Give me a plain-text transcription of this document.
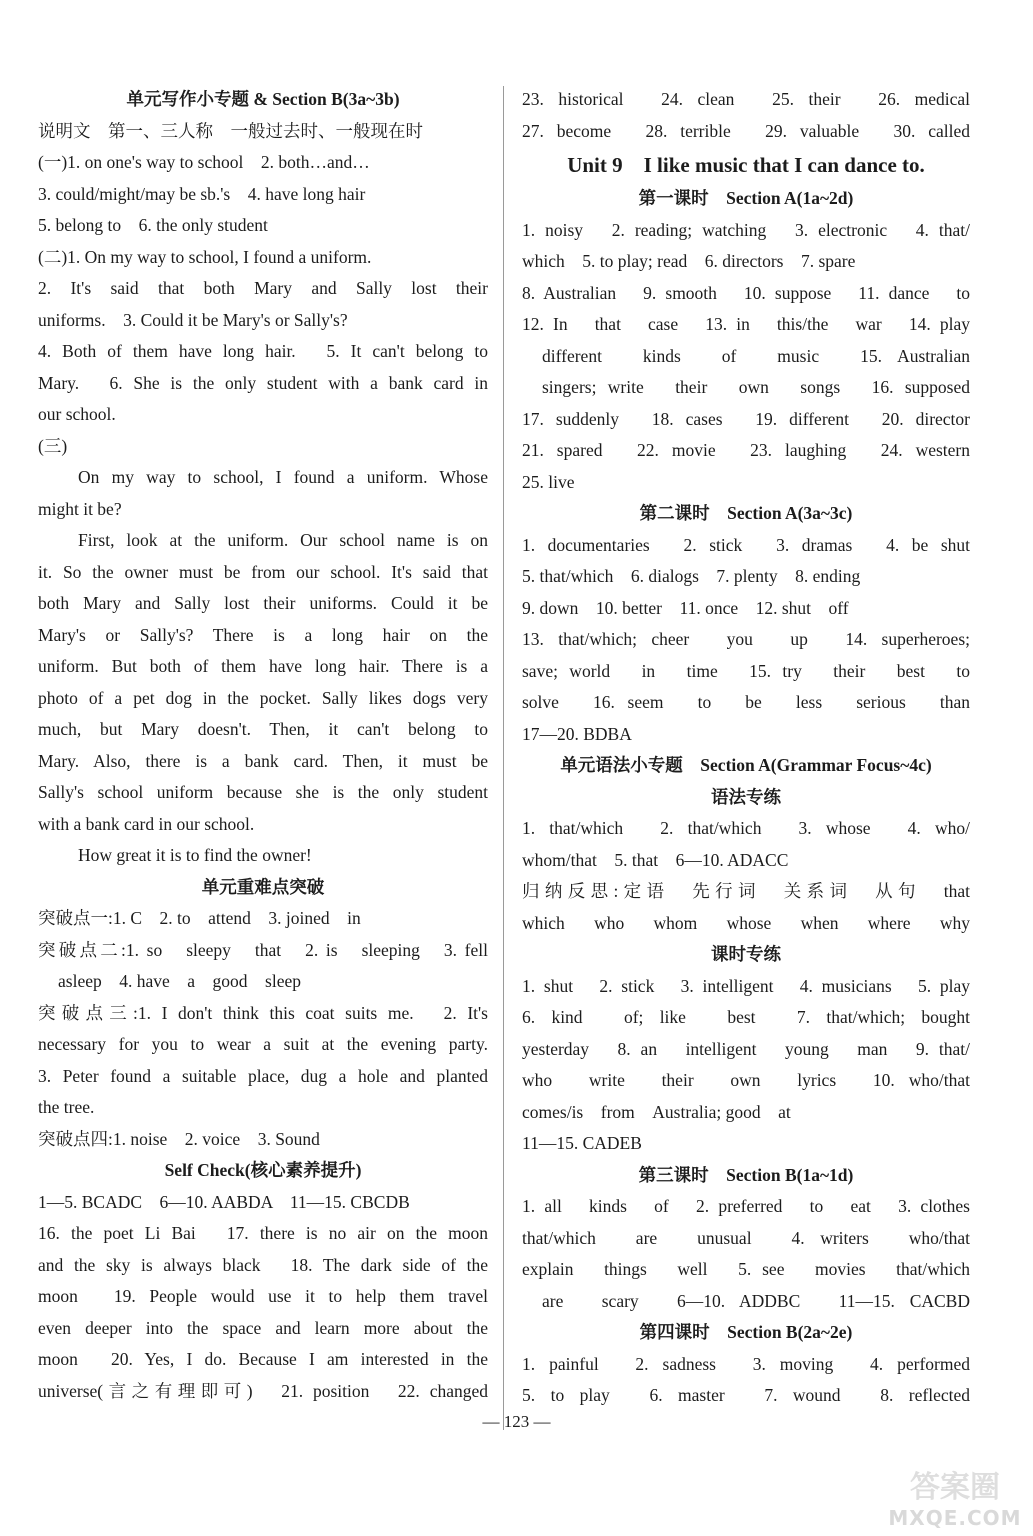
单元写作小专题 & Section B(3a~3b)
说明文　第一、三人称　一般过去时、一般现在时
(一)1. on one's way to school　2. both…and…
3. could/might/may be sb.'s　4. have long hair
5. belong to　6. the only student
(二)1. On my way to school, I found a uniform.
2. It's said that both Mary and Sally lost their
uniforms.　3. Could it be Mary's or Sally's?
4. Both of them have long hair.　5. It can't belong to
Mary.　6. She is the only student with a bank card in
our school.
(三)
On my way to school, I found a uniform. Whose
might it be?
First, look at the uniform. Our school name is on
it. So the owner must be from our school. It's said that
both Mary and Sally lost their uniforms. Could it be
Mary's or Sally's? There is a long hair on the
uniform. But both of them have long hair. There is a
photo of a pet dog in the pocket. Sally likes dogs very
much, but Mary doesn't. Then, it can't belong to
Mary. Also, there is a bank card. Then, it must be
Sally's school uniform because she is the only student
with a bank card in our school.
How great it is to find the owner!
单元重难点突破
突破点一:1. C　2. to　attend　3. joined　in
突破点二:1. so　sleepy　that　2. is　sleeping　3. fell
asleep　4. have　a　good　sleep
突破点三:1. I don't think this coat suits me.　2. It's
necessary for you to wear a suit at the evening party.
3. Peter found a suitable place, dug a hole and planted
the tree.
突破点四:1. noise　2. voice　3. Sound
Self Check(核心素养提升)
1—5. BCADC　6—10. AABDA　11—15. CBCDB
16. the poet Li Bai　17. there is no air on the moon
and the sky is always black　18. The dark side of the
moon　19. People would use it to help them travel
even deeper into the space and learn more about the
moon　20. Yes, I do. Because I am interested in the
universe(言之有理即可)　21. position　22. changed
23. historical　24. clean　25. their　26. medical
27. become　28. terrible　29. valuable　30. called
Unit 9　I like music that I can dance to.
第一课时　Section A(1a~2d)
1. noisy　2. reading; watching　3. electronic　4. that/
which　5. to play; read　6. directors　7. spare
8. Australian　9. smooth　10. suppose　11. dance　to
12. In　that　case　13. in　this/the　war　14. play
different　kinds　of　music　15. Australian
singers; write　their　own　songs　16. supposed
17. suddenly　18. cases　19. different　20. director
21. spared　22. movie　23. laughing　24. western
25. live
第二课时　Section A(3a~3c)
1. documentaries　2. stick　3. dramas　4. be shut
5. that/which　6. dialogs　7. plenty　8. ending
9. down　10. better　11. once　12. shut　off
13. that/which; cheer　you　up　14. superheroes;
save; world　in　time　15. try　their　best　to
solve　16. seem　to　be　less　serious　than
17—20. BDBA
单元语法小专题　Section A(Grammar Focus~4c)
语法专练
1. that/which　2. that/which　3. whose　4. who/
whom/that　5. that　6—10. ADACC
归纳反思:定语　先行词　关系词　从句　that
which　who　whom　whose　when　where　why
课时专练
1. shut　2. stick　3. intelligent　4. musicians　5. play
6. kind　of; like　best　7. that/which; bought
yesterday　8. an　intelligent　young　man　9. that/
who　write　their　own　lyrics　10. who/that
comes/is　from　Australia; good　at
11—15. CADEB
第三课时　Section B(1a~1d)
1. all　kinds　of　2. preferred　to　eat　3. clothes
that/which　are　unusual　4. writers　who/that
explain　things　well　5. see　movies　that/which
are　scary　6—10. ADDBC　11—15. CACBD
第四课时　Section B(2a~2e)
1. painful　2. sadness　3. moving　4. performed
5. to play　6. master　7. wound　8. reflected
— 123 —
答案圈
MXQE.COM
